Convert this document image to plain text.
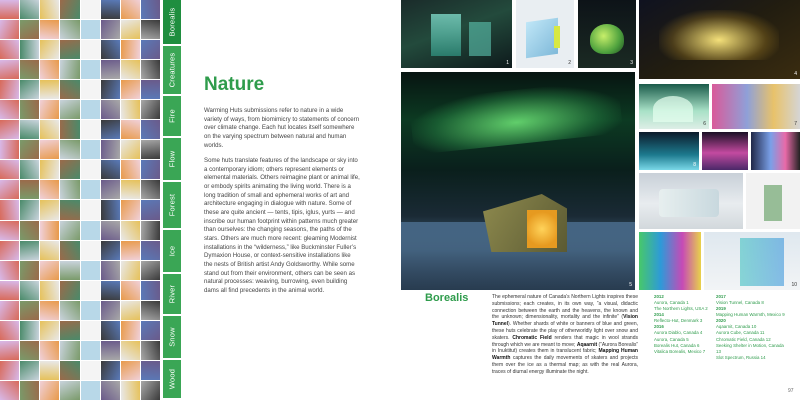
Borealis
Creatures
Fire
Flow
Forest
Ice
River
Snow
Wood
Nature

Warming Huts submissions refer to nature in a wide variety of ways, from biomimicry to statements of concern over climate change. Each hut locates itself somewhere on the varying spectrum between natural and human worlds.

Some huts translate features of the landscape or sky into a contemporary idiom; others represent elements or elemental materials. Others reimagine plant or animal life, or embody spirits animating the living world. There is a long tradition of small and ephemeral works of art and architecture engaging in dialogue with nature. Some of these are quite ancient — tents, tipis, iglus, yurts — and inscribe our human footprint within patterns much greater than ourselves: the changing seasons, the paths of the stars. Others are much more recent: gleaming Modernist installations in the “wilderness,” like Buckminster Fuller’s Dymaxion House, or context-sensitive installations like the nests of British artist Andy Goldsworthy. While some stand out from their environment, others can be seen as natural processes: weaving, burrowing, even building dams all find precedents in the animal world.

1	2	3
4
5
6	7
8
10
Borealis	The ephemeral nature of Canada’s Northern Lights inspires these submissions; each creates, in its own way, “a visual, didactic connection between the earth and the heavens, the known and the unknown; dimensionality, mortality and the infinite” (Vision Tunnel). Whether shards of white or banners of blue and green, these huts celebrate the play of otherworldly light over snow and skaters. Chromatic Field renders that magic in wool strands through which we are meant to move; Aqaarnit (“Aurora Borealis” in Inuktitut) creates them in translucent fabric; Mapping Human Warmth captures the daily movements of skaters and projects them over the ice as a thermal map; as with the real Aurora, traces of diurnal energy illuminate the night.
2012
Aurora, Canada 1
The Northern Lights, USA 2
2014
Reflecto-Hut, Denmark 3
2016
Aurora Diablo, Canada 4
Aurora, Canada 5
Borealis Hut, Canada 6
Vitalica Borealis, Mexico 7
2017
Vision Tunnel, Canada 8
2019
Mapping Human Warmth, Mexico 9
2020
Aqaarnit, Canada 10
Aurora Cube, Canada 11
Chromatic Field, Canada 12
Seeking Shelter in Motion, Canada 13
Slot Spectrum, Russia 14
97
